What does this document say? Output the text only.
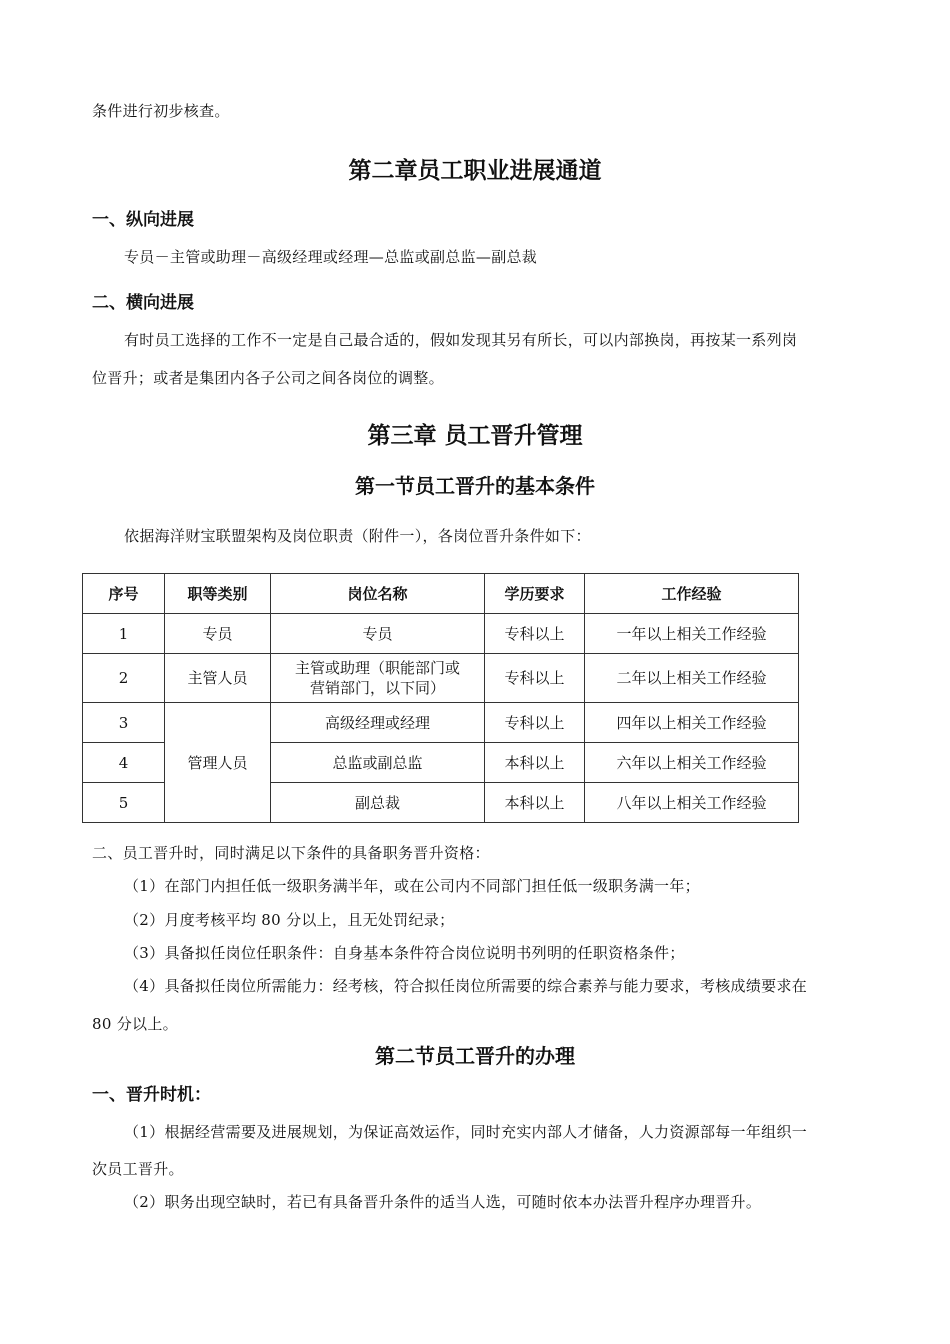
条件进行初步核查。
第二章员工职业进展通道
一、纵向进展
专员－主管或助理－高级经理或经理—总监或副总监—副总裁
二、横向进展
有时员工选择的工作不一定是自己最合适的，假如发现其另有所长，可以内部换岗，再按某一系列岗
位晋升；或者是集团内各子公司之间各岗位的调整。
第三章 员工晋升管理
第一节员工晋升的基本条件
依据海洋财宝联盟架构及岗位职责（附件一），各岗位晋升条件如下：
序号	职等类别	岗位名称	学历要求	工作经验
1	专员	专员	专科以上	一年以上相关工作经验
2	主管人员	主管或助理（职能部门或
营销部门，以下同）	专科以上	二年以上相关工作经验
3	管理人员	高级经理或经理	专科以上	四年以上相关工作经验
4		总监或副总监	本科以上	六年以上相关工作经验
5		副总裁	本科以上	八年以上相关工作经验
二、员工晋升时，同时满足以下条件的具备职务晋升资格：
（1）在部门内担任低一级职务满半年，或在公司内不同部门担任低一级职务满一年；
（2）月度考核平均 80 分以上，且无处罚纪录；
（3）具备拟任岗位任职条件：自身基本条件符合岗位说明书列明的任职资格条件；
（4）具备拟任岗位所需能力：经考核，符合拟任岗位所需要的综合素养与能力要求，考核成绩要求在
80 分以上。
第二节员工晋升的办理
一、晋升时机：
（1）根据经营需要及进展规划，为保证高效运作，同时充实内部人才储备，人力资源部每一年组织一
次员工晋升。
（2）职务出现空缺时，若已有具备晋升条件的适当人选，可随时依本办法晋升程序办理晋升。
